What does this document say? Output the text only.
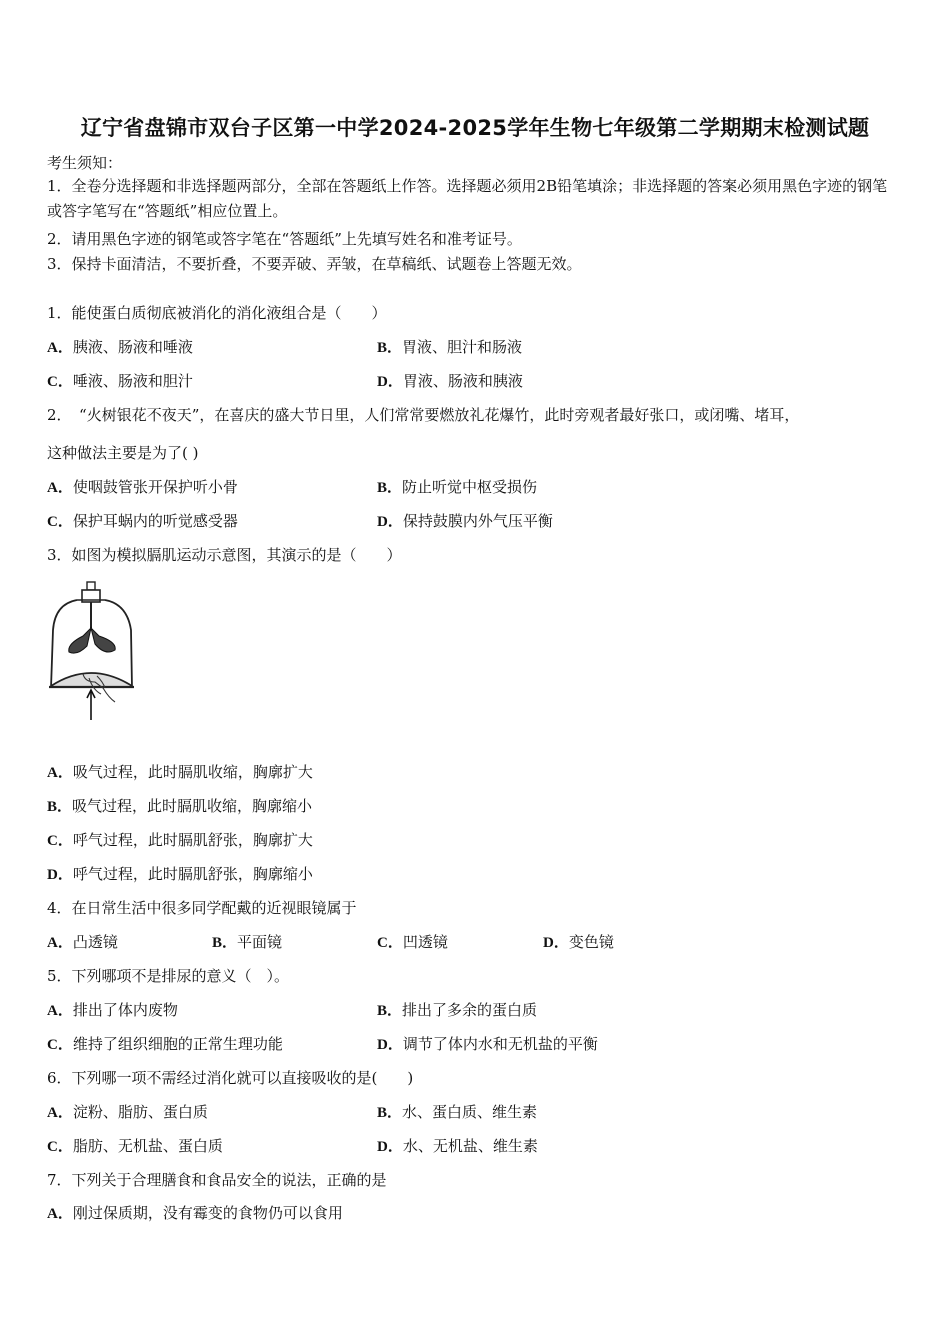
辽宁省盘锦市双台子区第一中学2024-2025学年生物七年级第二学期期末检测试题
考生须知：
1．全卷分选择题和非选择题两部分，全部在答题纸上作答。选择题必须用2B铅笔填涂；非选择题的答案必须用黑色字迹的钢笔或答字笔写在“答题纸”相应位置上。
2．请用黑色字迹的钢笔或答字笔在“答题纸”上先填写姓名和准考证号。
3．保持卡面清洁，不要折叠，不要弄破、弄皱，在草稿纸、试题卷上答题无效。
1．能使蛋白质彻底被消化的消化液组合是（　　）
A．胰液、肠液和唾液	B．胃液、胆汁和肠液
C．唾液、肠液和胆汁	D．胃液、肠液和胰液
2．　“火树银花不夜天”，在喜庆的盛大节日里，人们常常要燃放礼花爆竹，此时旁观者最好张口，或闭嘴、堵耳，
这种做法主要是为了( )
A．使咽鼓管张开保护听小骨	B．防止听觉中枢受损伤
C．保护耳蜗内的听觉感受器	D．保持鼓膜内外气压平衡
3．如图为模拟膈肌运动示意图，其演示的是（　　）
A．吸气过程，此时膈肌收缩，胸廓扩大
B．吸气过程，此时膈肌收缩，胸廓缩小
C．呼气过程，此时膈肌舒张，胸廓扩大
D．呼气过程，此时膈肌舒张，胸廓缩小
4．在日常生活中很多同学配戴的近视眼镜属于
A．凸透镜	B．平面镜	C．凹透镜	D．变色镜
5．下列哪项不是排尿的意义（　）。
A．排出了体内废物	B．排出了多余的蛋白质
C．维持了组织细胞的正常生理功能	D．调节了体内水和无机盐的平衡
6．下列哪一项不需经过消化就可以直接吸收的是(　　)
A．淀粉、脂肪、蛋白质	B．水、蛋白质、维生素
C．脂肪、无机盐、蛋白质	D．水、无机盐、维生素
7．下列关于合理膳食和食品安全的说法，正确的是
A．刚过保质期，没有霉变的食物仍可以食用
